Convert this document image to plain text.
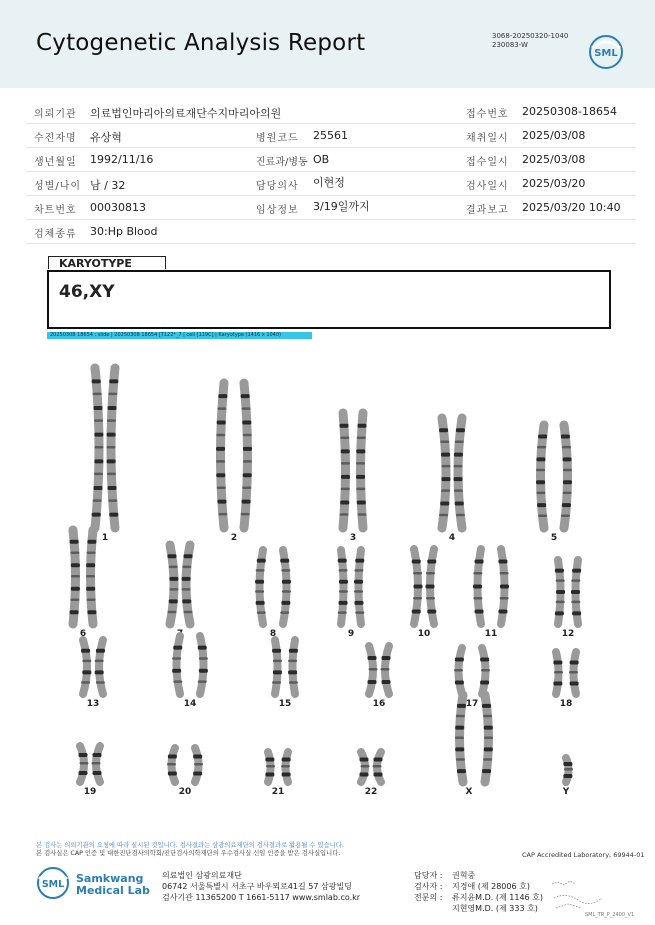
Cytogenetic Analysis Report	3068-20250320-1040
230083-W
SML
의뢰기관 의료법인마리아의료재단수지마리아의원	접수번호 20250308-18654
수진자명 유상혁	병원코드 25561	채취일시 2025/03/08
생년월일 1992/11/16	진료과/병동 OB	접수일시 2025/03/08
성별/나이 남 / 32	담당의사 이현정	검사일시 2025/03/20
차트번호 00030813	임상정보 3/19일까지	결과보고 2025/03/20 10:40
검체종류 30:Hp Blood
KARYOTYPE
46,XY
20250308 18654 : slide | 20250308 18654 [T122*_7 | cell [119C] | Karyotype (1416 x 1040)
1	2	3	4	5
6	7	8	9	10	11	12
13	14	15	16	17	18
19	20	21	22	X	Y
본 검사는 의뢰기관의 요청에 따라 실시된 것입니다. 검사결과는 삼광의료재단의 검사결과로 활용될 수 있습니다.
본 검사실은 CAP 인증 및 대한진단검사의학회/진단검사의학재단의 우수검사실 신임 인증을 받은 검사실입니다.	CAP Accredited Laboratory, 69944-01
SML Samkwang
Medical Lab
의료법인 삼광의료재단
06742 서울특별시 서초구 바우뫼로41길 57 삼광빌딩
검사기관 11365200 T 1661-5117 www.smlab.co.kr
담당자 : 권혁중
검사자 : 지경애 (제 28006 호)
전문의 : 류지윤M.D. (제 1146 호)
지현영M.D. (제 333 호)
SML_TR_P_2400_V1
